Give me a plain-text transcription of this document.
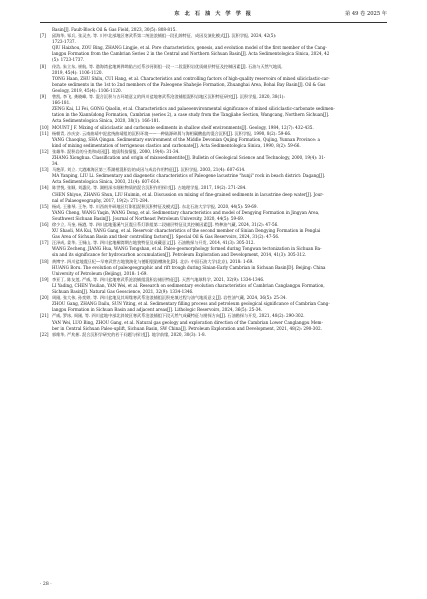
东 北 石 油 大 学 学 报	第 49 卷 2025 年
Basin[J]. Fault-Block Oil & Gas Field, 2023, 30(5): 808-815.
[7] 邱海华, 邹兵, 张灵杰, 等. 川中北部地区寒武系第二统沧浪铺组一段孔隙特征、成因及演化模式[J]. 沉积学报, 2024, 42(5):
1723-1737.
QIU Haizhou, ZOU Bing, ZHANG Lingjie, et al. Pore characteristics, genesis, and evolution model of the first member of the Cang-
langpu Formation from the Cambrian Series 2 in the Central and Northern Sichuan Basin[J]. Acta Sedimentologica Sinica, 2024, 42
(5): 1723-1737.
[8] 佟浩, 朱立东, 崔航, 等. 渤海湾盆地黄骅坳陷古近系沙河街组一段一二段混积岩优质储层特征及控制因素[J]. 石油与天然气地质,
2019, 45(4): 1106-1120.
TONG Haan, ZHU Shilu, CUI Hang, et al. Characteristics and controlling factors of high-quality reservoirs of mixed siliciclastic-car-
bonate sediments in the 1st to 2nd members of the Paleogene Shahejie Formation, Zhuanghai Area, Bohai Bay Basin[J]. Oil & Gas
Geology, 2019, 45(4): 1106-1120.
[9] 曾凯, 李飞, 龚晓峰, 等. 混合沉积与古环境意义的四川盆地寒武系沧浪铺组混积岩地区沉积特征研究[J]. 沉积学报, 2020, 38(1):
166-181.
ZENG Kai, LI Fei, GONG Qiaolin, et al. Characteristics and palaeoenvironmental significance of mixed siliciclastic-carbonate sedimen-
tation in the Xiannüdong Formation, Cambrian (series 2), a case study from the Tangjiahe Section, Wangcang, Northern Sichuan[J].
Acta Sedimentologica Sinica, 2020, 38(1): 166-181.
[10] MOUNT J F. Mixing of siliciclastic and carbonate sediments in shallow shelf environments[J]. Geology, 1984, 12(7): 432-435.
[11] 杨朝青, 沙庆安. 云南曲靖中泥盆统曲靖组的沉积环境——一种陆源碎屑与海相碳酸盐的混合沉积[J]. 沉积学报, 1990, 8(2): 59-66.
YANG Chaoqing, SHA Qingan. Sedimentary environment of the Middle Devonian Qujing Formation, Qujing, Yunnan Province: a
kind of mixing sedimentation of terrigenous clastics and carbonate[J]. Acta Sedimentologica Sinica, 1990, 8(2): 59-66.
[12] 张雄华. 混积岩的分类和成因[J]. 地质科技情报, 2000, 19(4): 31-34.
ZHANG Xionghua. Classification and origin of mixosedimentite[J]. Bulletin of Geological Science and Technology, 2000, 19(4): 31-
34.
[13] 马艳萍, 刘立. 大港滩海区第三系湖相混积岩的成因与成岩作用特征[J]. 沉积学报, 2003, 21(4): 607-614.
MA Yanping, LIU Li. Sedimentary and diagenetic characteristics of Paleogene lacustrine "hunji" rock in beach district: Dagang[J].
Acta Sedimentologica Sinica, 2003, 21(4): 607-614.
[14] 陈世悦, 张顺, 刘惠民, 等. 湖相深水细粒物质的混合沉积作用探讨[J]. 古地理学报, 2017, 19(2): 271-284.
CHEN Shiyue, ZHANG Shun, LIU Huimin, et al. Discussion on mixing of fine-grained sediments in lacustrine deep water[J]. Jour-
nal of Palaeogeography, 2017, 19(2): 271-284.
[15] 杨成, 王雅琴, 王冬, 等. 川西南井研地区灯影组混积沉积特征及模式[J]. 东北石油大学学报, 2020, 44(5): 59-69.
YANG Cheng, WANG Yaqin, WANG Dong, et al. Sedimentary characteristics and model of Dengying Formation in Jingyan Area,
Southwest Sichuan Basin[J]. Journal of Northeast Petroleum University, 2020, 44(5): 59-69.
[16] 徐少立, 马奎, 杨港, 等. 四川盆地蓬溪气区震旦系灯影组第二段储层特征及其控制因素[J]. 特种油气藏, 2024, 31(2): 47-56.
XU Shaoli, MA Kui, YANG Gang, et al. Reservoir characteristics of the second member of Sinian Dengying Formation in Penglai
Gas Area of Sichuan Basin and their controlling factors[J]. Special Oil & Gas Reservoirs, 2024, 31(2): 47-56.
[17] 汪泽成, 姜华, 王铜山, 等. 四川盆地桐湾期古地貌特征及成藏意义[J]. 石油勘探与开发, 2014, 41(3): 305-312.
WANG Zecheng, JIANG Hua, WANG Tongshan, et al. Paleo-geomorphology formed during Tongwan tectonization in Sichuan Ba-
sin and its significance for hydrocarbon accumulation[J]. Petroleum Exploration and Development, 2014, 41(3): 305-312.
[18] 黄博宇. 四川盆地震旦纪—早寒武世古地貌演化与德阳裂陷槽演化[D]. 北京: 中国石油大学(北京), 2018: 1-69.
HUANG Boru. The evolution of paleogeographic and rift trough during Sinian-Early Cambrian in Sichuan Basin[D]. Beijing: China
University of Petroleum (Beijing), 2018: 1-69.
[19] 李亚丁, 陈友莲, 严威, 等. 四川盆地寒武系沧浪铺组混积岩储层特征[J]. 天然气地球科学, 2021, 32(9): 1334-1346.
LI Yading, CHEN Youlian, YAN Wei, et al. Research on sedimentary evolution characteristics of Cambrian Canglangpu Formation,
Sichuan Basin[J]. Natural Gas Geoscience, 2021, 32(9): 1334-1346.
[20] 周刚, 张大伟, 孙奕婷, 等. 四川盆地及其周缘寒武系沧浪铺组沉积充填过程与油气地质意义[J]. 岩性油气藏, 2024, 36(5): 25-34.
ZHOU Gang, ZHANG Dailu, SUN Yiting, et al. Sedimentary filling process and petroleum geological significance of Cambrian Cang-
langpu Formation in Sichuan Basin and adjacent areas[J]. Lithologic Reservoirs, 2024, 36(5): 25-34.
[21] 严威, 罗冰, 周刚, 等. 四川盆地中部北斜坡区寒武系沧浪铺组下段天然气成藏特征与勘探方向[J]. 石油勘探与开发, 2021, 48(2): 290-302.
YAN Wei, LUO Bing, ZHOU Gang, et al. Natural gas geology and exploration direction of the Cambrian Lower Canglangpu Mem-
ber in Central Sichuan Paleo-uplift, Sichuan Basin, SW China[J]. Petroleum Exploration and Development, 2021, 48(2): 290-302.
[22] 郭维华, 严兆彬. 混合沉积学研究的若干问题与探讨[J]. 地学前缘, 2020, 30(3): 1-8.
· 28 ·
